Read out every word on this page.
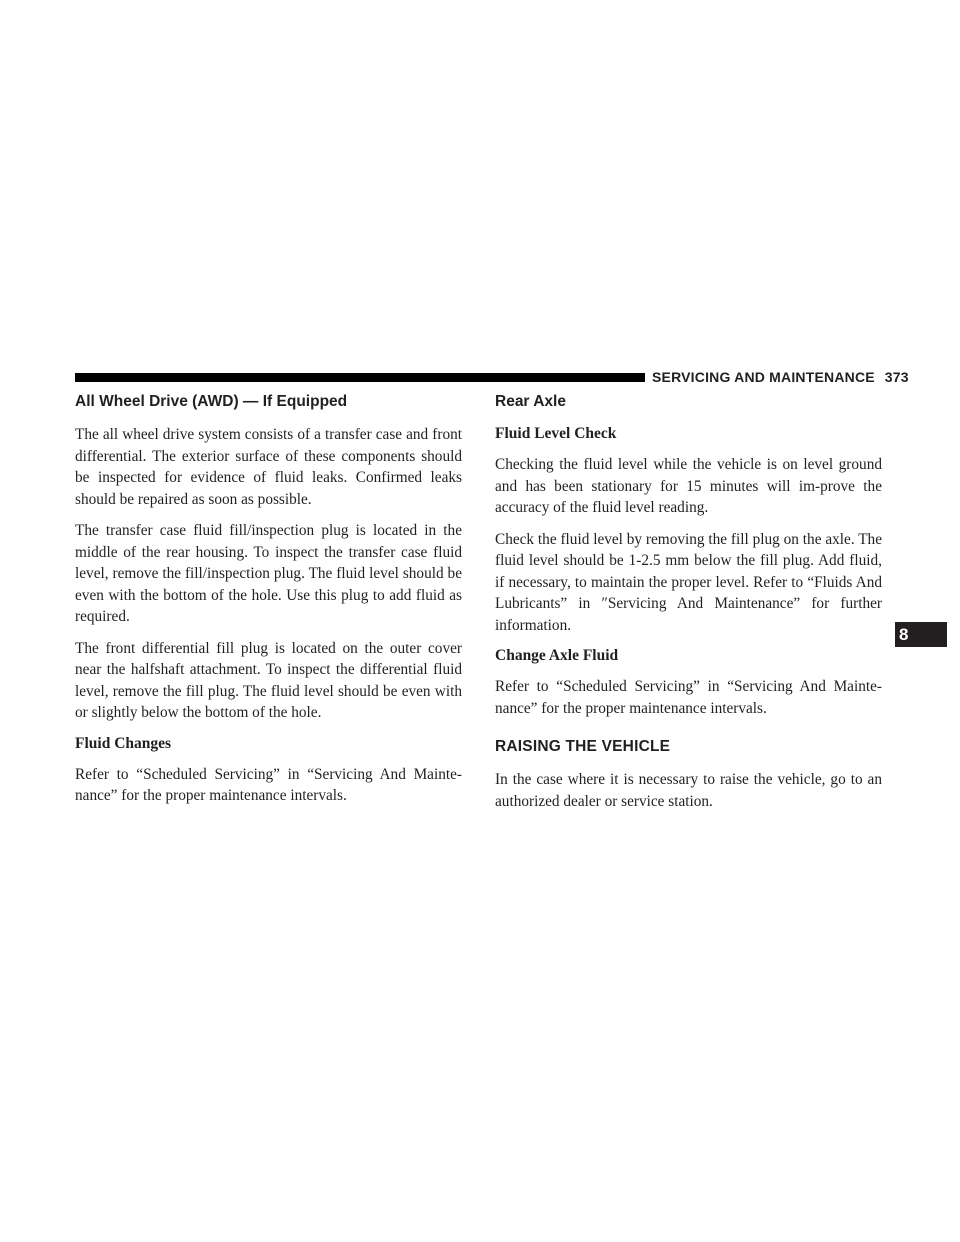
SERVICING AND MAINTENANCE 373
All Wheel Drive (AWD) — If Equipped

The all wheel drive system consists of a transfer case and front differential. The exterior surface of these components should be inspected for evidence of fluid leaks. Confirmed leaks should be repaired as soon as possible.

The transfer case fluid fill/inspection plug is located in the middle of the rear housing. To inspect the transfer case fluid level, remove the fill/inspection plug. The fluid level should be even with the bottom of the hole. Use this plug to add fluid as required.

The front differential fill plug is located on the outer cover near the halfshaft attachment. To inspect the differential fluid level, remove the fill plug. The fluid level should be even with or slightly below the bottom of the hole.

Fluid Changes

Refer to “Scheduled Servicing” in “Servicing And Mainte-nance” for the proper maintenance intervals.

Rear Axle
Fluid Level Check

Checking the fluid level while the vehicle is on level ground and has been stationary for 15 minutes will im-prove the accuracy of the fluid level reading.

Check the fluid level by removing the fill plug on the axle. The fluid level should be 1-2.5 mm below the fill plug. Add fluid, if necessary, to maintain the proper level. Refer to “Fluids And Lubricants” in ″Servicing And Maintenance” for further information.

Change Axle Fluid

Refer to “Scheduled Servicing” in “Servicing And Mainte-nance” for the proper maintenance intervals.

RAISING THE VEHICLE

In the case where it is necessary to raise the vehicle, go to an authorized dealer or service station.

8
